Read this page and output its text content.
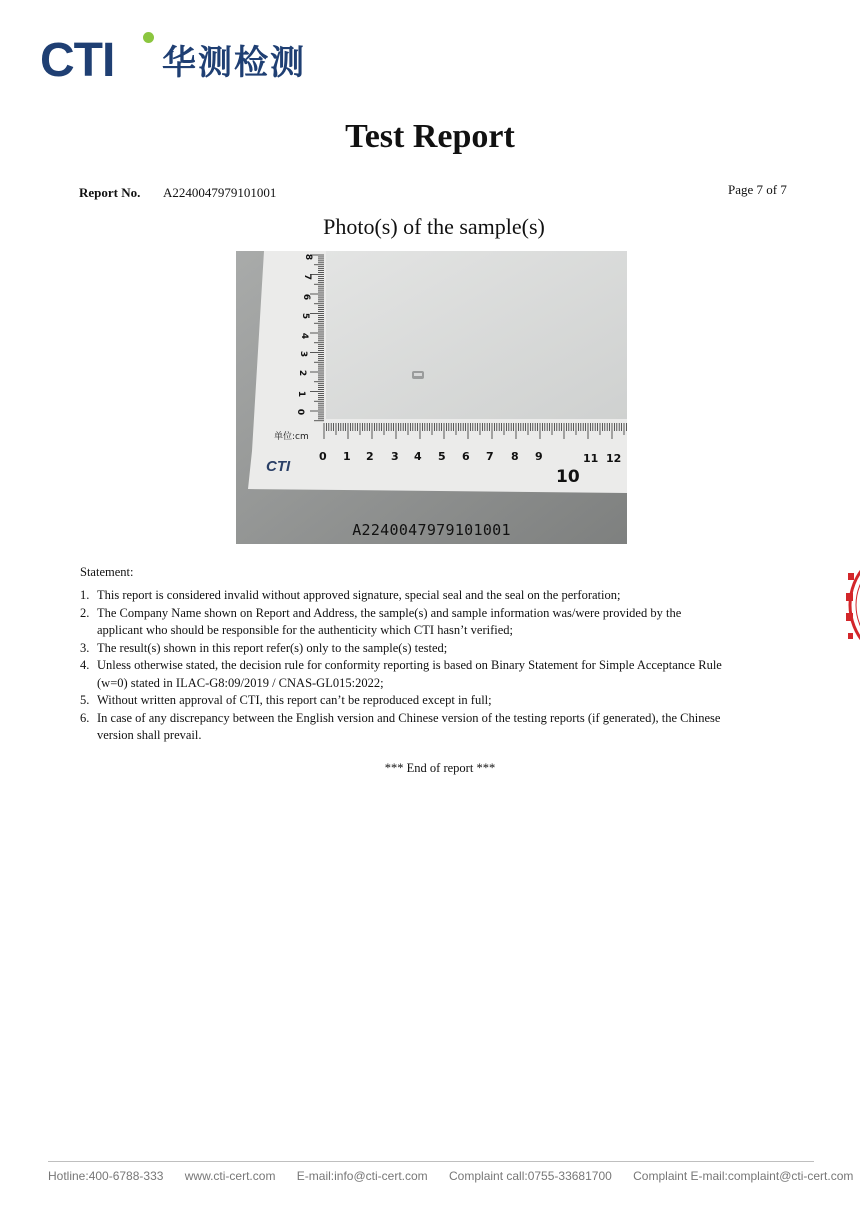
CTI 华测检测
Test Report
Report No. A2240047979101001	Page 7 of 7
Photo(s) of the sample(s)
8
7
6
5
4
3
2
1
0
单位:cm
CTI
0 1 2 3 4 5 6 7 8 9
10
11 12
A2240047979101001
Statement:
1. This report is considered invalid without approved signature, special seal and the seal on the perforation;
2. The Company Name shown on Report and Address, the sample(s) and sample information was/were provided by the applicant who should be responsible for the authenticity which CTI hasn’t verified;
3. The result(s) shown in this report refer(s) only to the sample(s) tested;
4. Unless otherwise stated, the decision rule for conformity reporting is based on Binary Statement for Simple Acceptance Rule (w=0) stated in ILAC-G8:09/2019 / CNAS-GL015:2022;
5. Without written approval of CTI, this report can’t be reproduced except in full;
6. In case of any discrepancy between the English version and Chinese version of the testing reports (if generated), the Chinese version shall prevail.
*** End of report ***
Hotline:400-6788-333 www.cti-cert.com E-mail:info@cti-cert.com Complaint call:0755-33681700 Complaint E-mail:complaint@cti-cert.com
